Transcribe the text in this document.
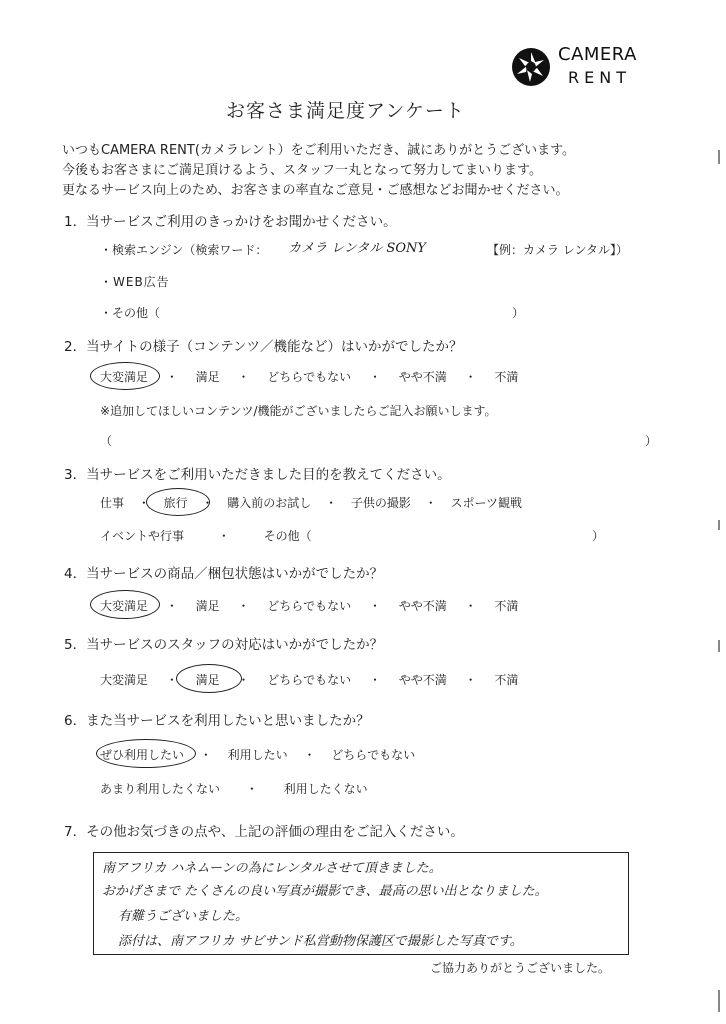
CAMERA
RENT
お客さま満足度アンケート
いつもCAMERA RENT(カメラレント）をご利用いただき、誠にありがとうございます。
今後もお客さまにご満足頂けるよう、スタッフ一丸となって努力してまいります。
更なるサービス向上のため、お客さまの率直なご意見・ご感想などお聞かせください。
1．当サービスご利用のきっかけをお聞かせください。
・検索エンジン（検索ワード： カメラ レンタル SONY	【例：カメラ レンタル】）
・WEB広告
・その他（	）
2．当サイトの様子（コンテンツ／機能など）はいかがでしたか？
大変満足 ・ 満足 ・ どちらでもない ・ やや不満 ・ 不満
※追加してほしいコンテンツ/機能がございましたらご記入お願いします。
（	）
3．当サービスをご利用いただきました目的を教えてください。
仕事 ・ 旅行 ・ 購入前のお試し ・ 子供の撮影 ・ スポーツ観戦
イベントや行事 ・ その他（	）
4．当サービスの商品／梱包状態はいかがでしたか？
大変満足 ・ 満足 ・ どちらでもない ・ やや不満 ・ 不満
5．当サービスのスタッフの対応はいかがでしたか？
大変満足 ・ 満足 ・ どちらでもない ・ やや不満 ・ 不満
6．また当サービスを利用したいと思いましたか？
ぜひ利用したい ・ 利用したい ・ どちらでもない
あまり利用したくない ・ 利用したくない
7．その他お気づきの点や、上記の評価の理由をご記入ください。
南アフリカ ハネムーンの為にレンタルさせて頂きました。
おかげさまで たくさんの良い写真が撮影でき、最高の思い出となりました。
有難うございました。
添付は、南アフリカ サビサンド私営動物保護区で撮影した写真です。
ご協力ありがとうございました。
